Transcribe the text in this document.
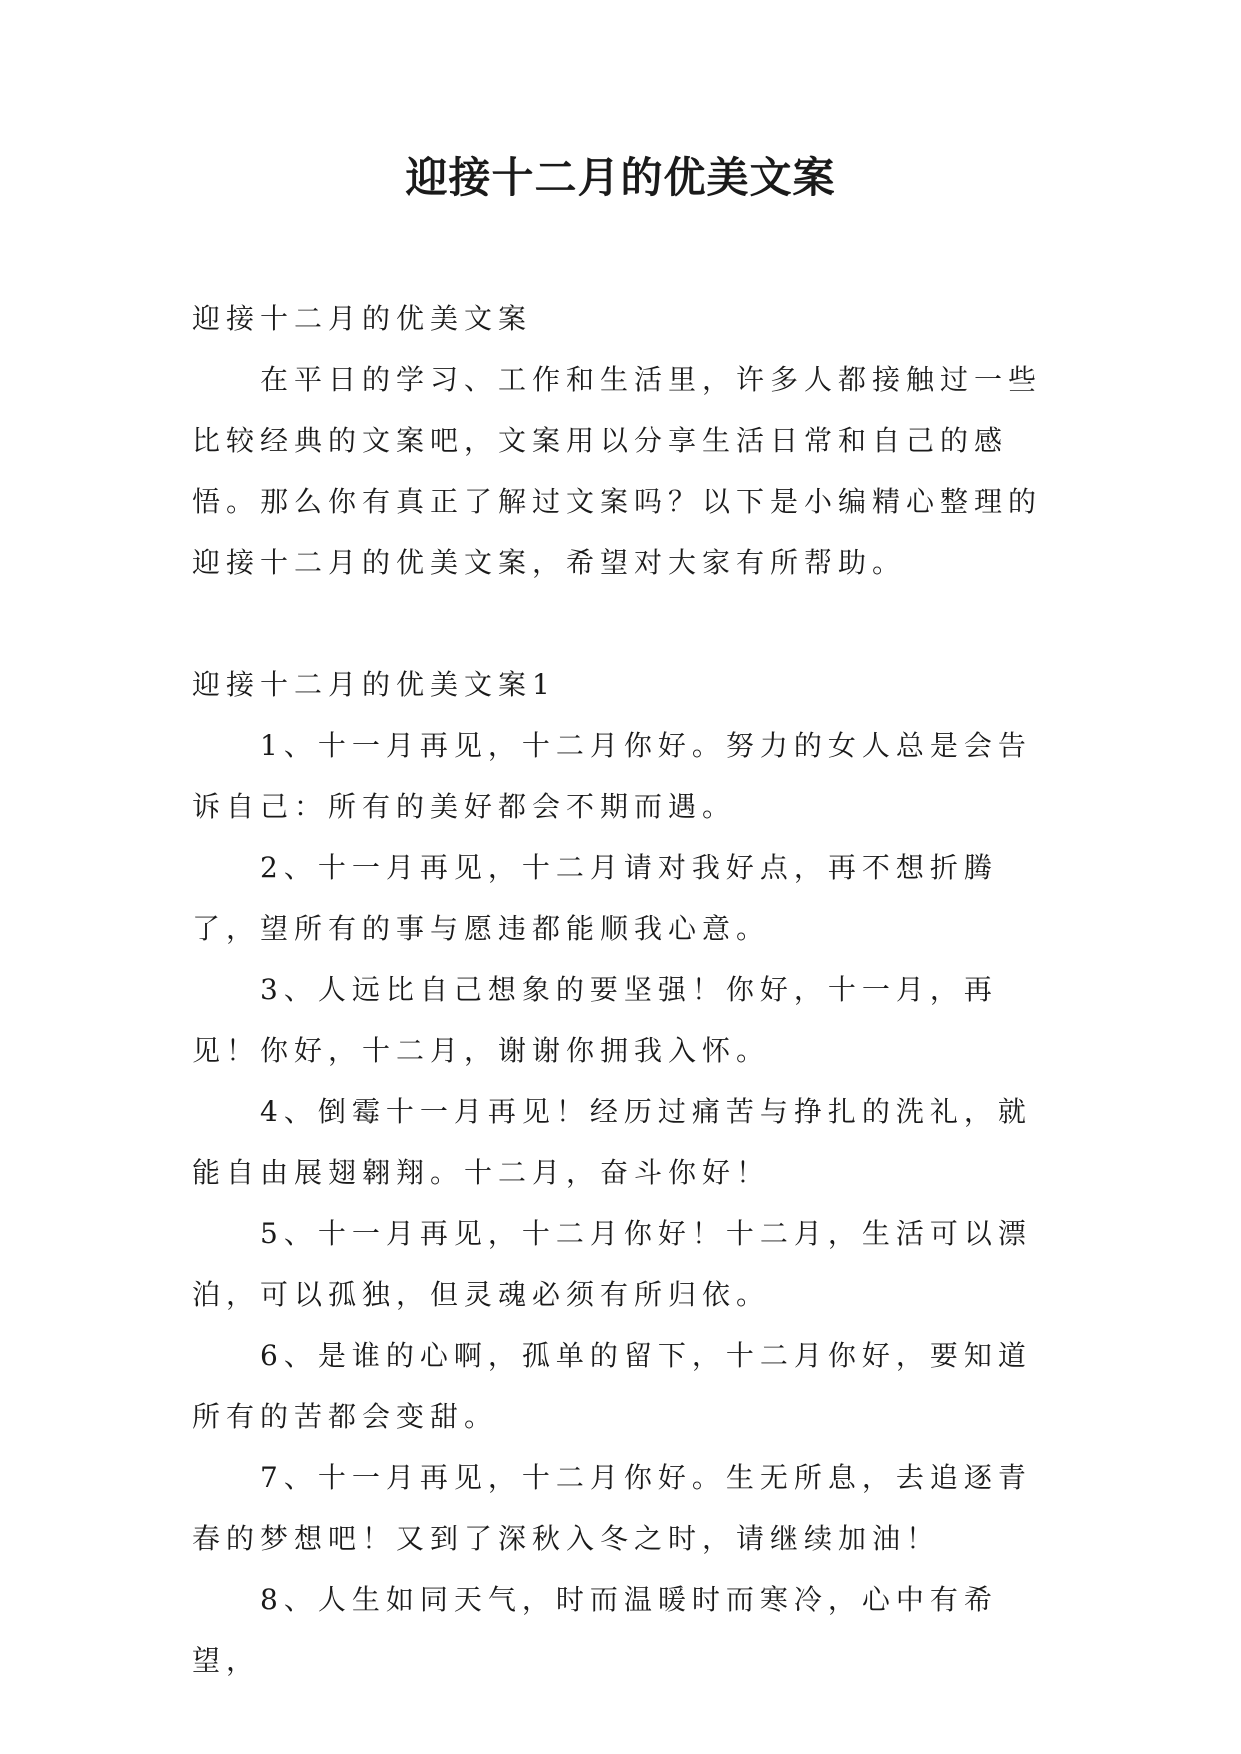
迎接十二月的优美文案

迎接十二月的优美文案

在平日的学习、工作和生活里，许多人都接触过一些比较经典的文案吧，文案用以分享生活日常和自己的感悟。那么你有真正了解过文案吗？以下是小编精心整理的迎接十二月的优美文案，希望对大家有所帮助。

迎接十二月的优美文案1

1、十一月再见，十二月你好。努力的女人总是会告诉自己：所有的美好都会不期而遇。

2、十一月再见，十二月请对我好点，再不想折腾了，望所有的事与愿违都能顺我心意。

3、人远比自己想象的要坚强！你好，十一月，再见！你好，十二月，谢谢你拥我入怀。

4、倒霉十一月再见！经历过痛苦与挣扎的洗礼，就能自由展翅翱翔。十二月，奋斗你好！

5、十一月再见，十二月你好！十二月，生活可以漂泊，可以孤独，但灵魂必须有所归依。

6、是谁的心啊，孤单的留下，十二月你好，要知道所有的苦都会变甜。

7、十一月再见，十二月你好。生无所息，去追逐青春的梦想吧！又到了深秋入冬之时，请继续加油！

8、人生如同天气，时而温暖时而寒冷，心中有希望，
